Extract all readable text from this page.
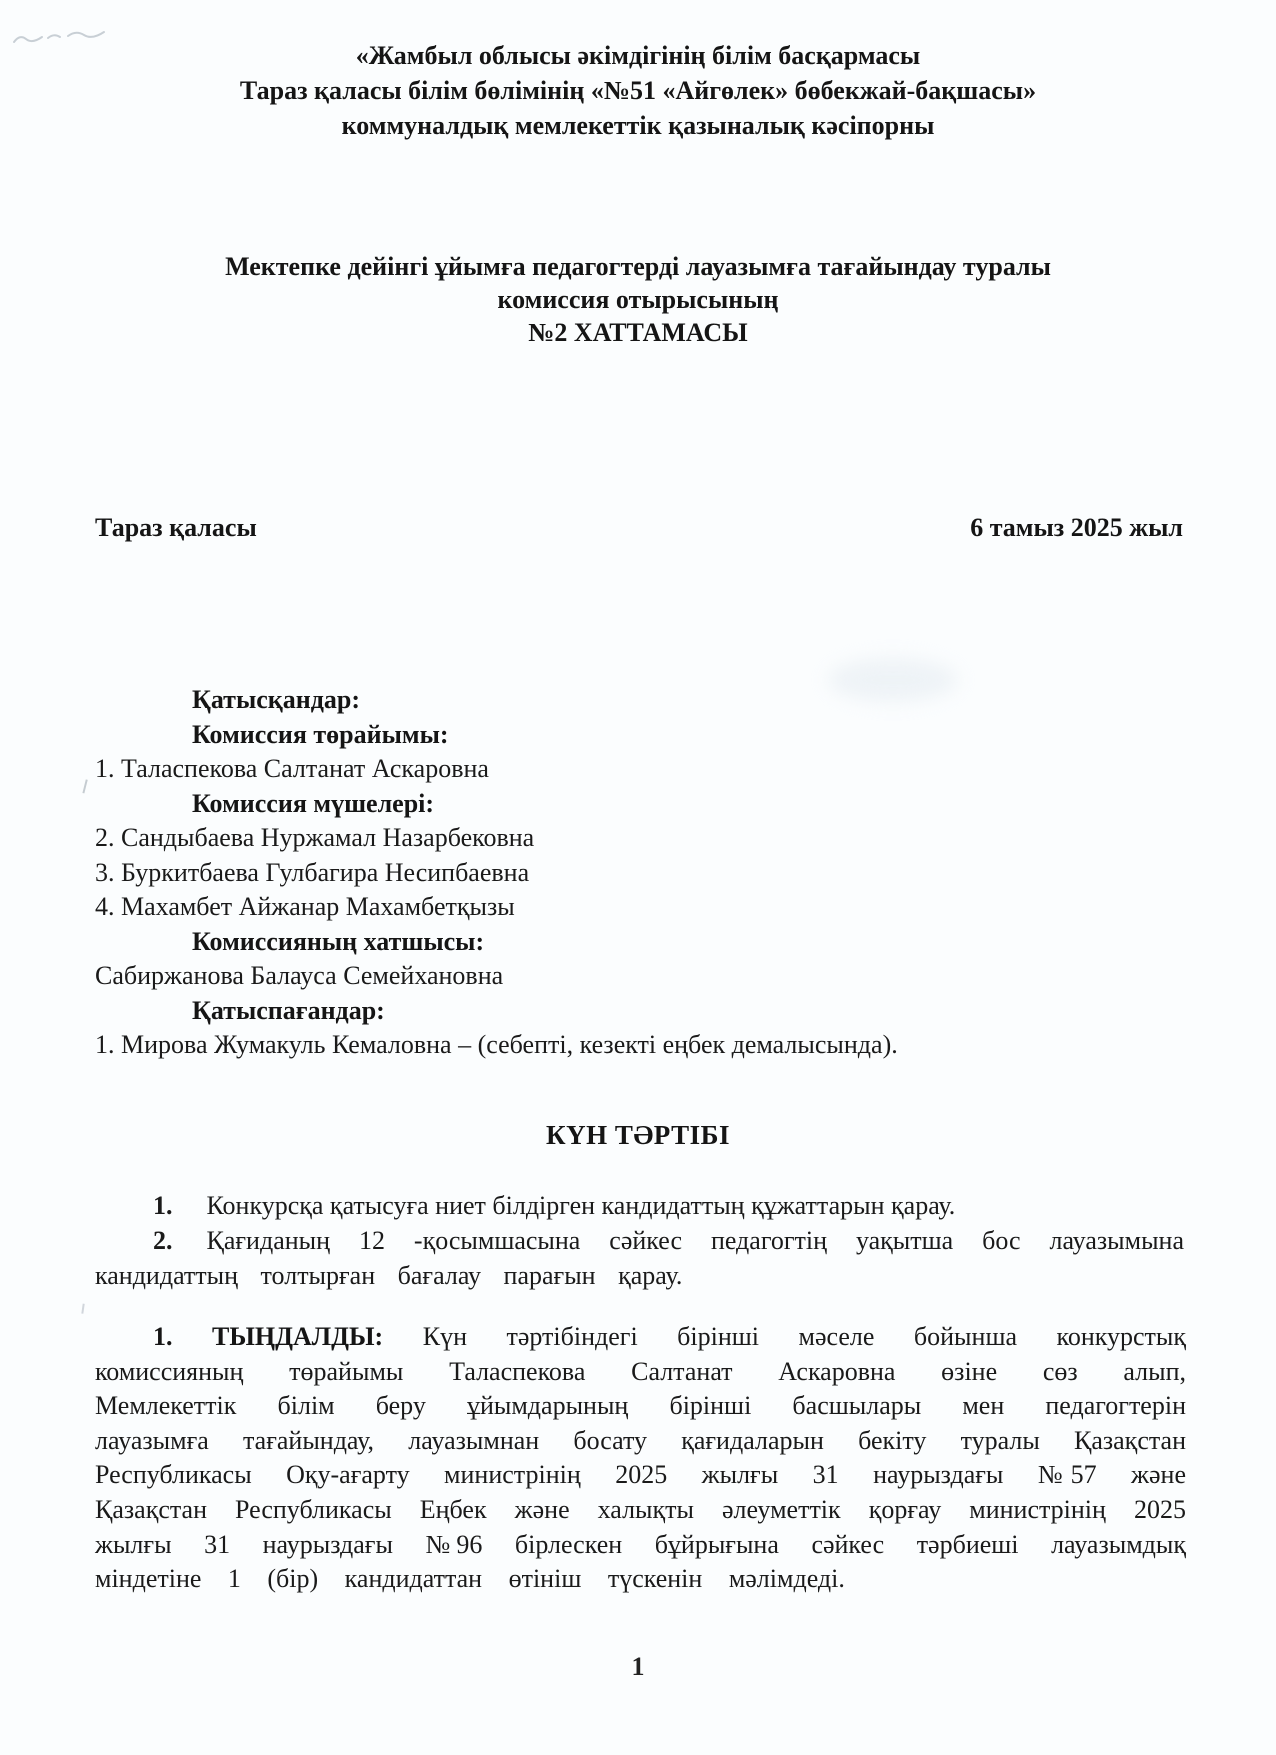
«Жамбыл облысы әкімдігінің білім басқармасы
Тараз қаласы білім бөлімінің «№51 «Айгөлек» бөбекжай-бақшасы»
коммуналдық мемлекеттік қазыналық кәсіпорны
Мектепке дейінгі ұйымға педагогтерді лауазымға тағайындау туралы
комиссия отырысының
№2 ХАТТАМАСЫ
Тараз қаласы	6 тамыз 2025 жыл
Қатысқандар:
Комиссия төрайымы:
1. Таласпекова Салтанат Аскаровна
Комиссия мүшелері:
2. Сандыбаева Нуржамал Назарбековна
3. Буркитбаева Гулбагира Несипбаевна
4. Махамбет Айжанар Махамбетқызы
Комиссияның хатшысы:
Сабиржанова Балауса Семейхановна
Қатыспағандар:
1. Мирова Жумакуль Кемаловна – (себепті, кезекті еңбек демалысында).
КҮН ТӘРТІБІ

1. Конкурсқа қатысуға ниет білдірген кандидаттың құжаттарын қарау.

2. Қағиданың 12 -қосымшасына сәйкес педагогтің уақытша бос лауазымына кандидаттың толтырған бағалау парағын қарау.

1. ТЫҢДАЛДЫ: Күн тәртібіндегі бірінші мәселе бойынша конкурстық комиссияның төрайымы Таласпекова Салтанат Аскаровна өзіне сөз алып, Мемлекеттік білім беру ұйымдарының бірінші басшылары мен педагогтерін лауазымға тағайындау, лауазымнан босату қағидаларын бекіту туралы Қазақстан Республикасы Оқу-ағарту министрінің 2025 жылғы 31 наурыздағы №57 және Қазақстан Республикасы Еңбек және халықты әлеуметтік қорғау министрінің 2025 жылғы 31 наурыздағы №96 бірлескен бұйрығына сәйкес тәрбиеші лауазымдық міндетіне 1 (бір) кандидаттан өтініш түскенін мәлімдеді.

1
